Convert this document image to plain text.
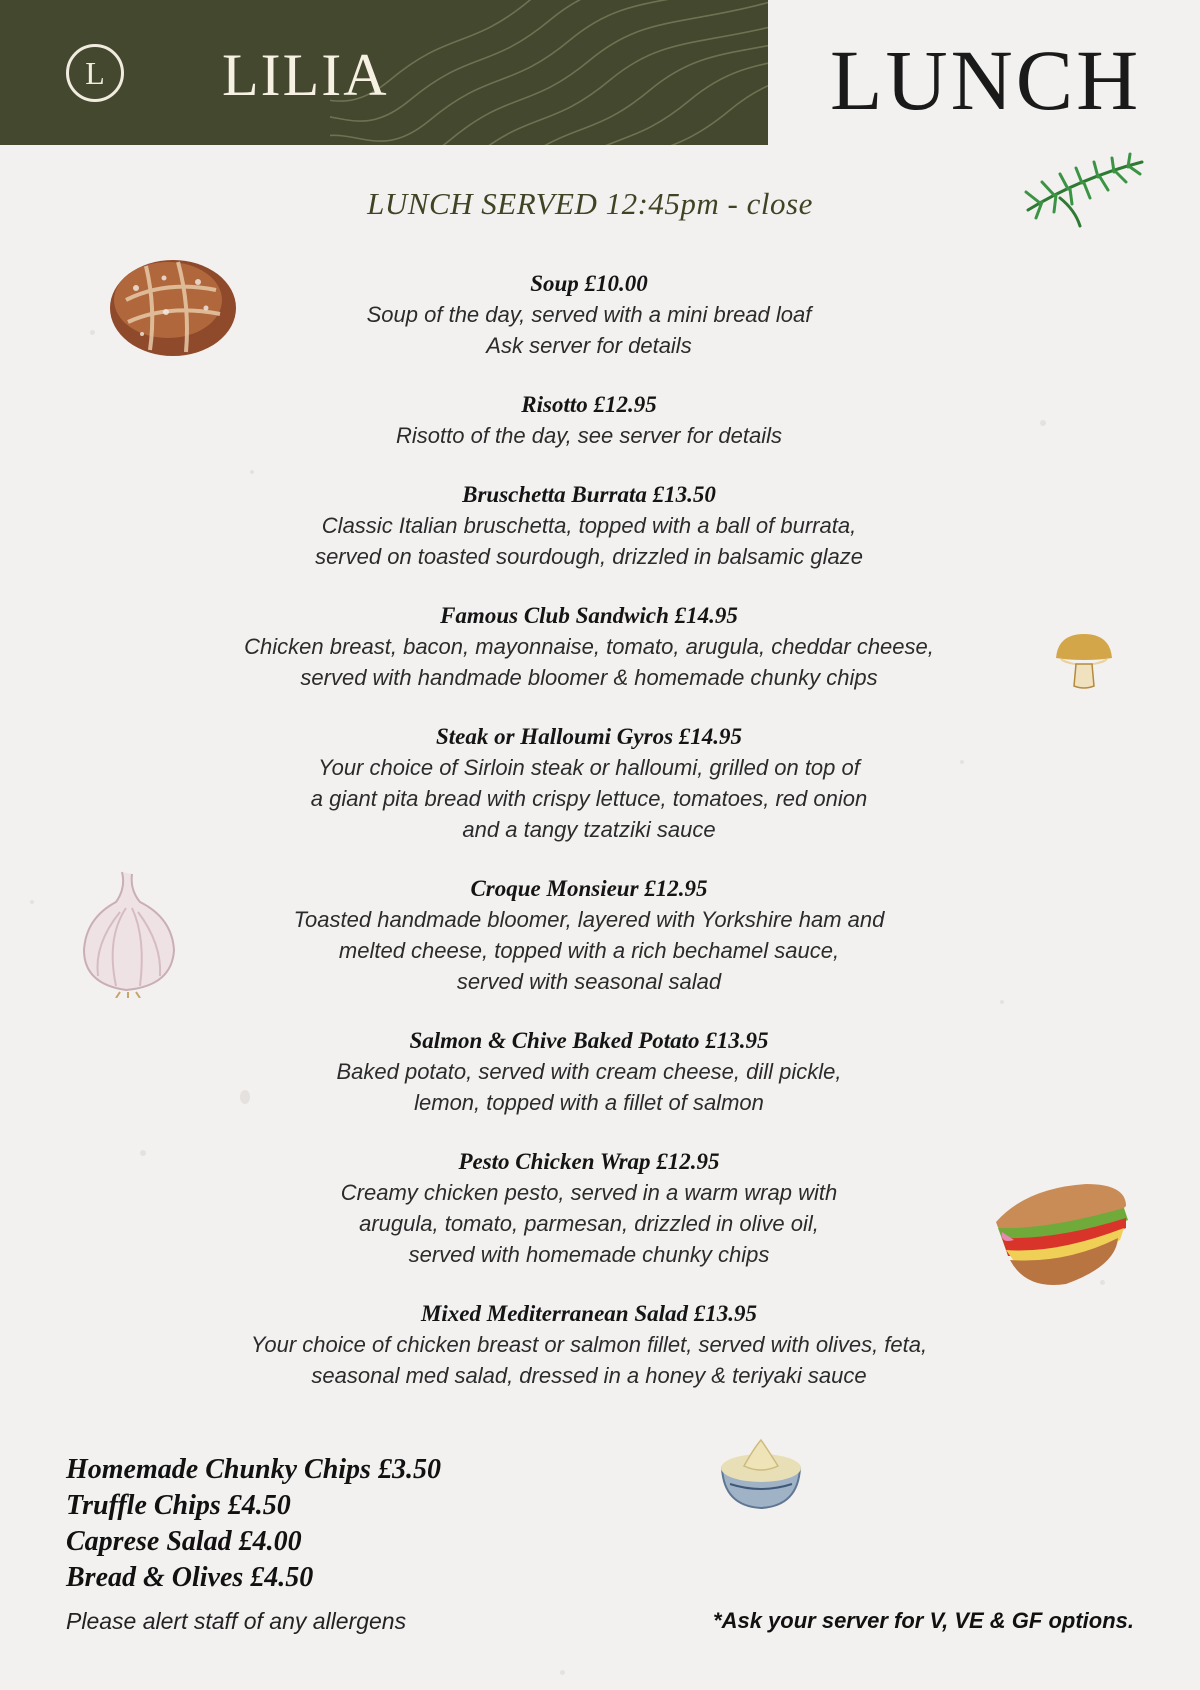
L LILIA	LUNCH
LUNCH SERVED 12:45pm - close
Soup £10.00
Soup of the day, served with a mini bread loaf
Ask server for details
Risotto £12.95
Risotto of the day, see server for details
Bruschetta Burrata £13.50
Classic Italian bruschetta, topped with a ball of burrata,
served on toasted sourdough, drizzled in balsamic glaze
Famous Club Sandwich £14.95
Chicken breast, bacon, mayonnaise, tomato, arugula, cheddar cheese,
served with handmade bloomer & homemade chunky chips
Steak or Halloumi Gyros £14.95
Your choice of Sirloin steak or halloumi, grilled on top of
a giant pita bread with crispy lettuce, tomatoes, red onion
and a tangy tzatziki sauce
Croque Monsieur £12.95
Toasted handmade bloomer, layered with Yorkshire ham and
melted cheese, topped with a rich bechamel sauce,
served with seasonal salad
Salmon & Chive Baked Potato £13.95
Baked potato, served with cream cheese, dill pickle,
lemon, topped with a fillet of salmon
Pesto Chicken Wrap £12.95
Creamy chicken pesto, served in a warm wrap with
arugula, tomato, parmesan, drizzled in olive oil,
served with homemade chunky chips
Mixed Mediterranean Salad £13.95
Your choice of chicken breast or salmon fillet, served with olives, feta,
seasonal med salad, dressed in a honey & teriyaki sauce
Homemade Chunky Chips £3.50
Truffle Chips £4.50
Caprese Salad £4.00
Bread & Olives £4.50
Please alert staff of any allergens	*Ask your server for V, VE & GF options.
